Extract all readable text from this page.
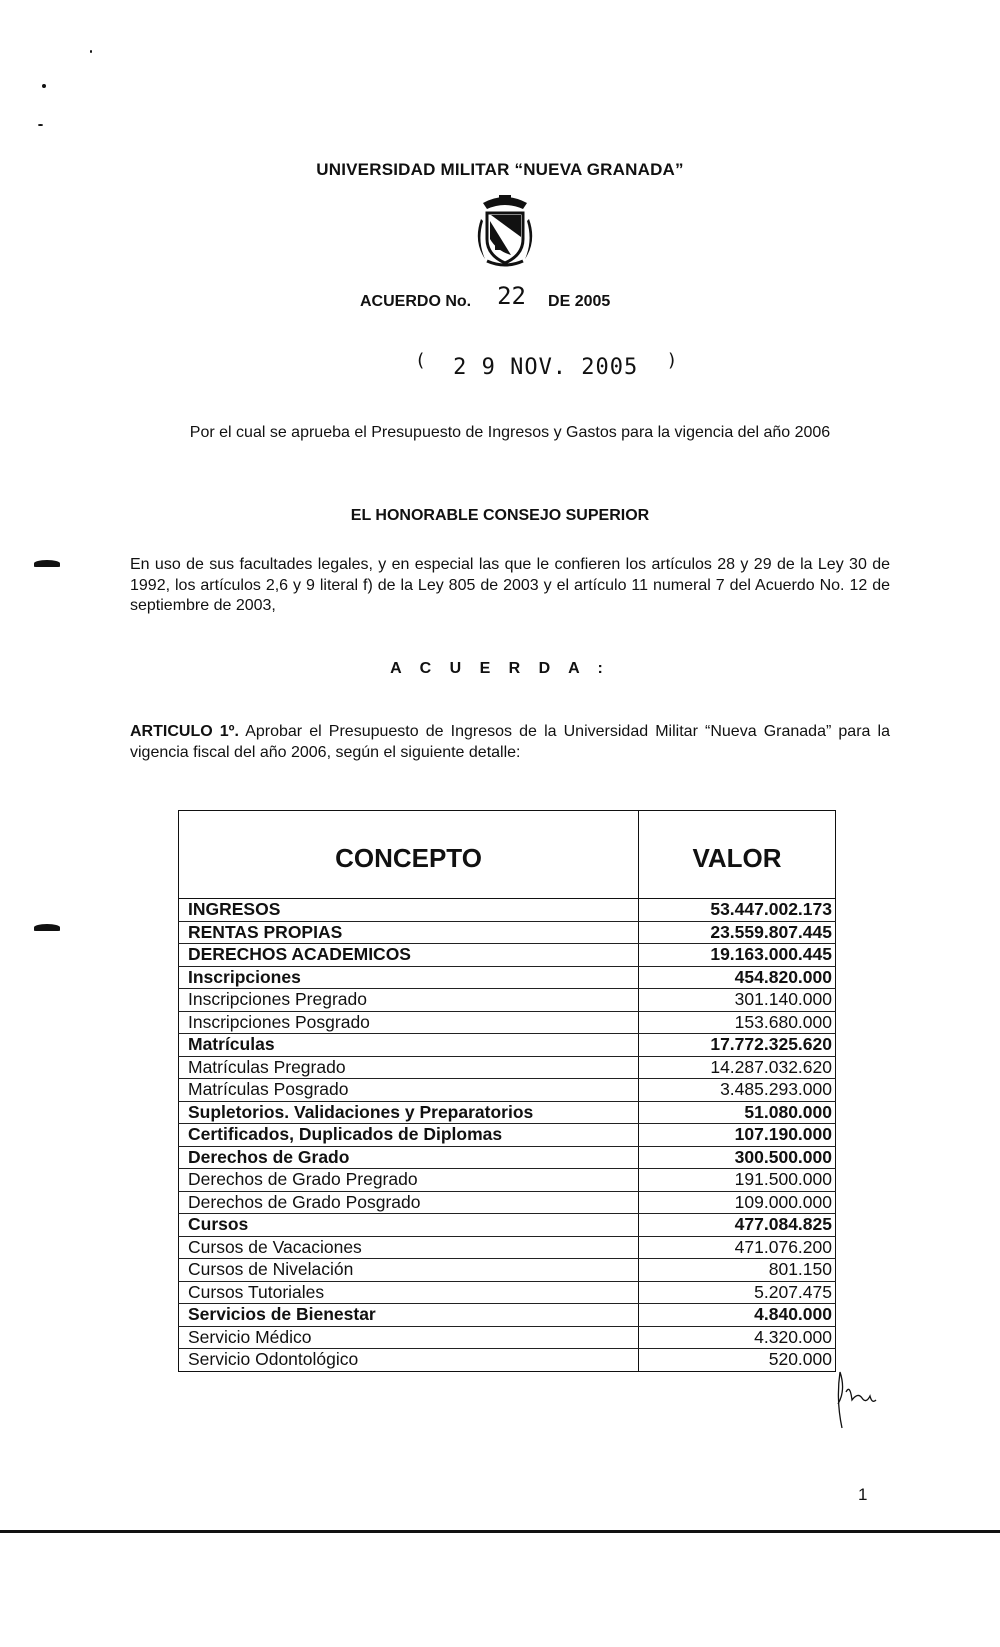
UNIVERSIDAD MILITAR “NUEVA GRANADA”
ACUERDO No. 22 DE 2005
( 2 9 NOV. 2005 )
Por el cual se aprueba el Presupuesto de Ingresos y Gastos para la vigencia del año 2006
EL HONORABLE CONSEJO SUPERIOR
En uso de sus facultades legales, y en especial las que le confieren los artículos 28 y 29 de la Ley 30 de 1992, los artículos 2,6 y 9 literal f) de la Ley 805 de 2003 y el artículo 11 numeral 7 del Acuerdo No. 12 de septiembre de 2003,
A C U E R D A :
ARTICULO 1º. Aprobar el Presupuesto de Ingresos de la Universidad Militar “Nueva Granada” para la vigencia fiscal del año 2006, según el siguiente detalle:
CONCEPTO	VALOR
INGRESOS	53.447.002.173
RENTAS PROPIAS	23.559.807.445
DERECHOS ACADEMICOS	19.163.000.445
Inscripciones	454.820.000
Inscripciones Pregrado	301.140.000
Inscripciones Posgrado	153.680.000
Matrículas	17.772.325.620
Matrículas Pregrado	14.287.032.620
Matrículas Posgrado	3.485.293.000
Supletorios. Validaciones y Preparatorios	51.080.000
Certificados, Duplicados de Diplomas	107.190.000
Derechos de Grado	300.500.000
Derechos de Grado Pregrado	191.500.000
Derechos de Grado Posgrado	109.000.000
Cursos	477.084.825
Cursos de Vacaciones	471.076.200
Cursos de Nivelación	801.150
Cursos Tutoriales	5.207.475
Servicios de Bienestar	4.840.000
Servicio Médico	4.320.000
Servicio Odontológico	520.000
1
